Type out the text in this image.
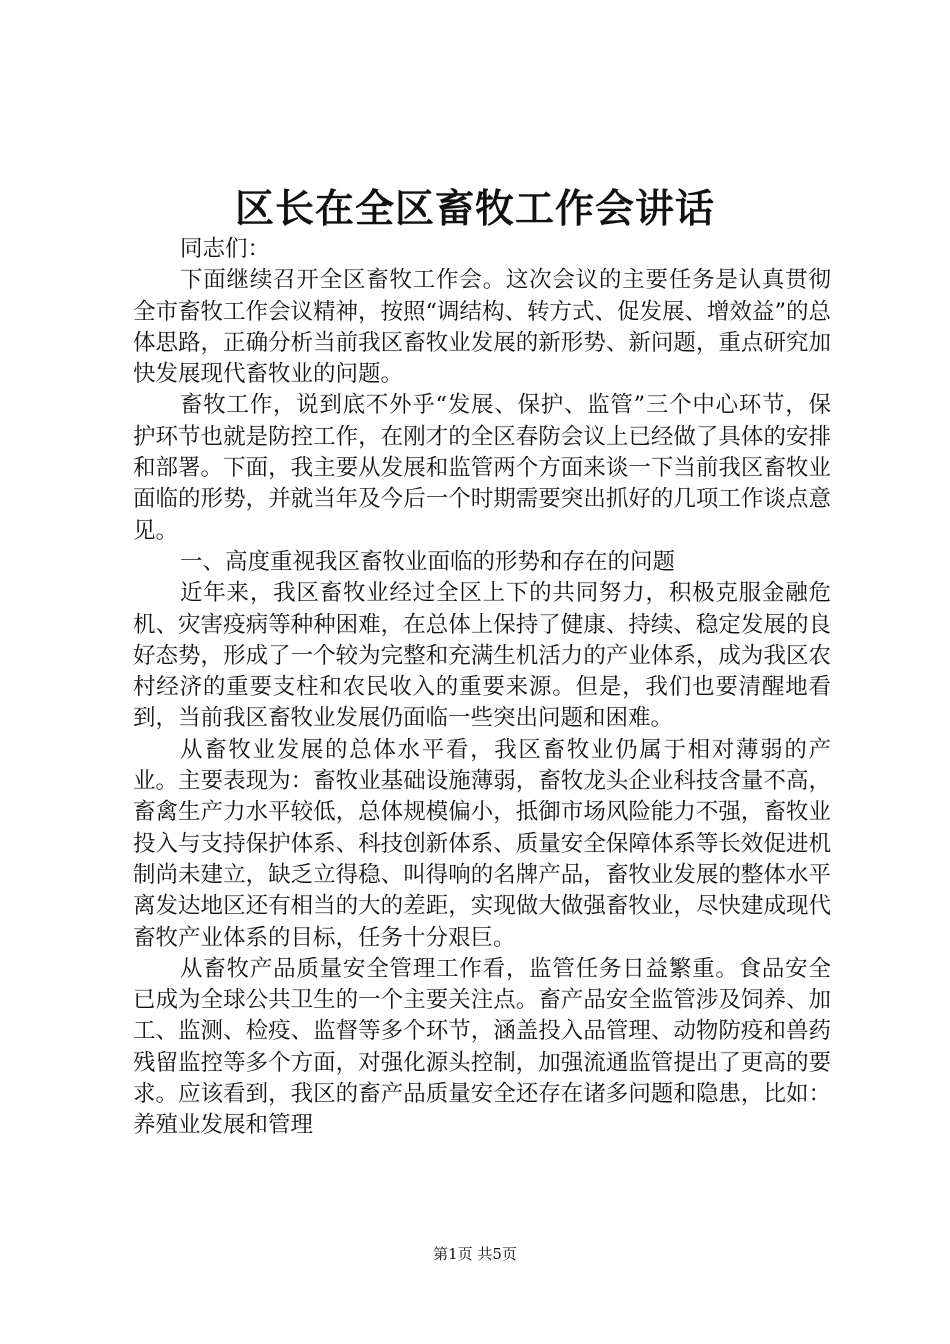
区长在全区畜牧工作会讲话

同志们：

下面继续召开全区畜牧工作会。这次会议的主要任务是认真贯彻全市畜牧工作会议精神，按照“调结构、转方式、促发展、增效益”的总体思路，正确分析当前我区畜牧业发展的新形势、新问题，重点研究加快发展现代畜牧业的问题。

畜牧工作，说到底不外乎“发展、保护、监管”三个中心环节，保护环节也就是防控工作，在刚才的全区春防会议上已经做了具体的安排和部署。下面，我主要从发展和监管两个方面来谈一下当前我区畜牧业面临的形势，并就当年及今后一个时期需要突出抓好的几项工作谈点意见。

一、高度重视我区畜牧业面临的形势和存在的问题

近年来，我区畜牧业经过全区上下的共同努力，积极克服金融危机、灾害疫病等种种困难，在总体上保持了健康、持续、稳定发展的良好态势，形成了一个较为完整和充满生机活力的产业体系，成为我区农村经济的重要支柱和农民收入的重要来源。但是，我们也要清醒地看到，当前我区畜牧业发展仍面临一些突出问题和困难。

从畜牧业发展的总体水平看，我区畜牧业仍属于相对薄弱的产业。主要表现为：畜牧业基础设施薄弱，畜牧龙头企业科技含量不高，畜禽生产力水平较低，总体规模偏小，抵御市场风险能力不强，畜牧业投入与支持保护体系、科技创新体系、质量安全保障体系等长效促进机制尚未建立，缺乏立得稳、叫得响的名牌产品，畜牧业发展的整体水平离发达地区还有相当的大的差距，实现做大做强畜牧业，尽快建成现代畜牧产业体系的目标，任务十分艰巨。

从畜牧产品质量安全管理工作看，监管任务日益繁重。食品安全已成为全球公共卫生的一个主要关注点。畜产品安全监管涉及饲养、加工、监测、检疫、监督等多个环节，涵盖投入品管理、动物防疫和兽药残留监控等多个方面，对强化源头控制，加强流通监管提出了更高的要求。应该看到，我区的畜产品质量安全还存在诸多问题和隐患，比如：养殖业发展和管理

第1页 共5页
